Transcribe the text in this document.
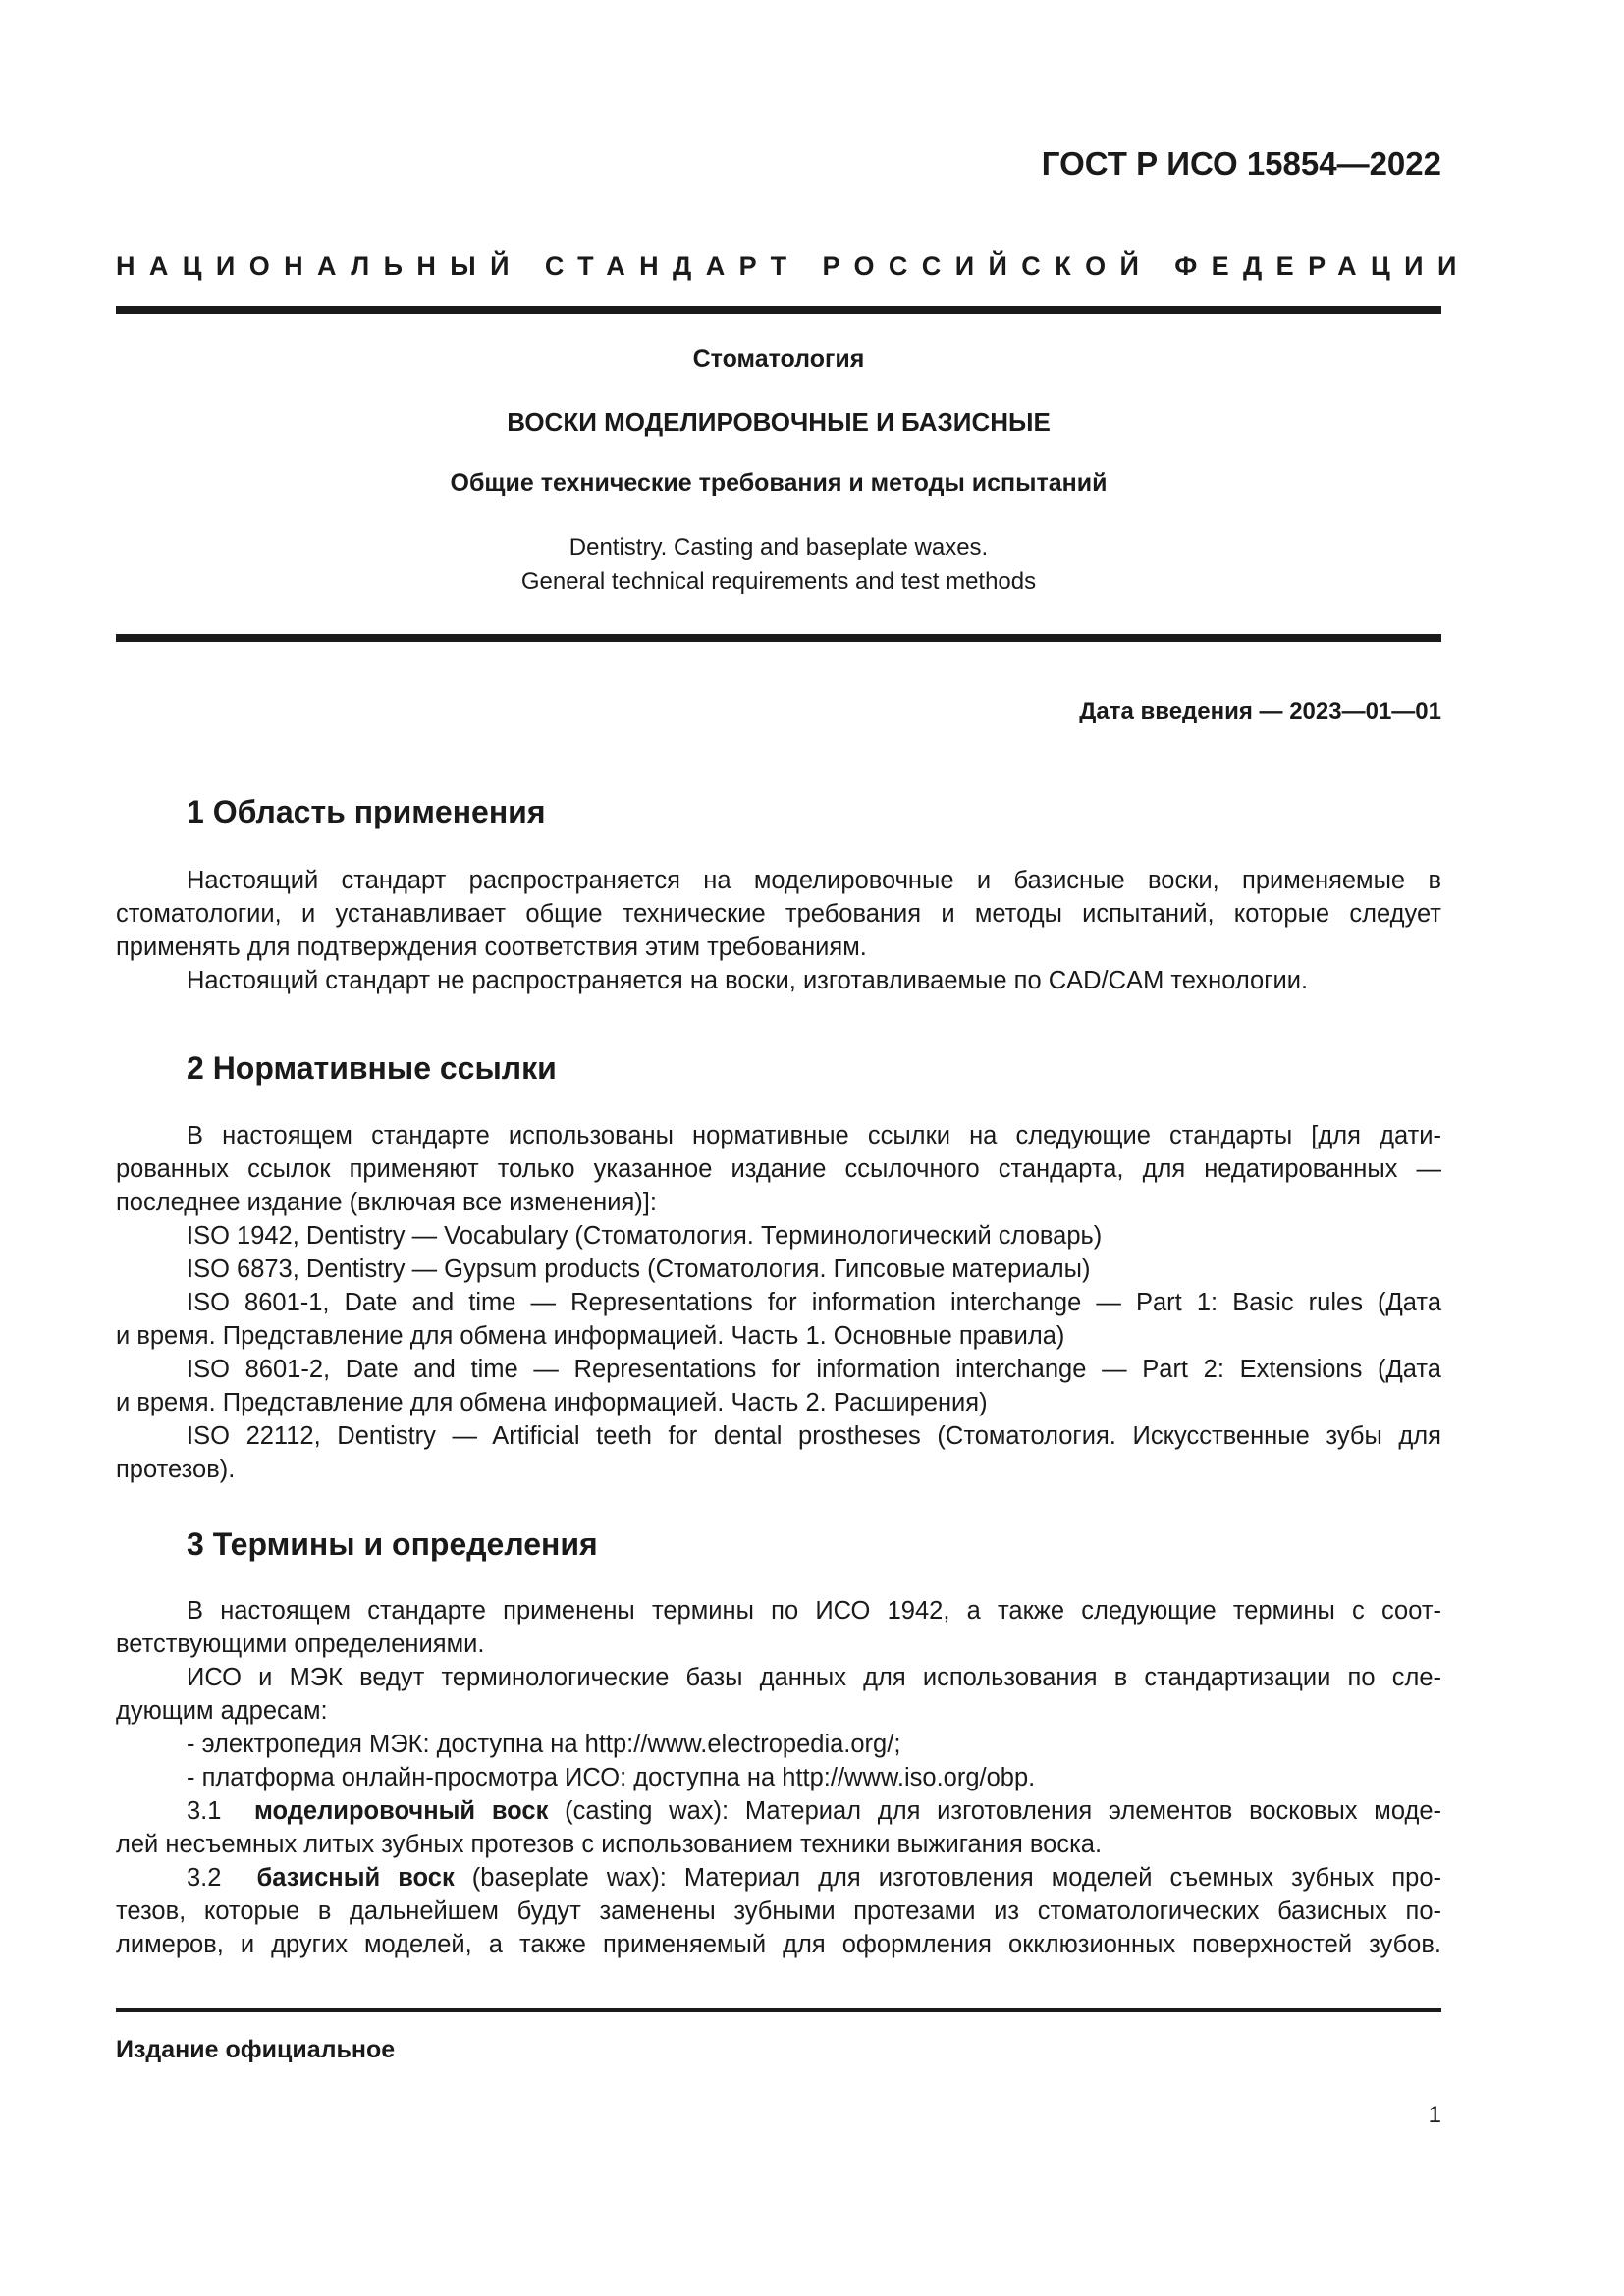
ГОСТ Р ИСО 15854—2022
НАЦИОНАЛЬНЫЙ СТАНДАРТ РОССИЙСКОЙ ФЕДЕРАЦИИ
Стоматология
ВОСКИ МОДЕЛИРОВОЧНЫЕ И БАЗИСНЫЕ
Общие технические требования и методы испытаний
Dentistry. Casting and baseplate waxes.
General technical requirements and test methods
Дата введения — 2023—01—01
1 Область применения
Настоящий стандарт распространяется на моделировочные и базисные воски, применяемые в
стоматологии, и устанавливает общие технические требования и методы испытаний, которые следует
применять для подтверждения соответствия этим требованиям.
Настоящий стандарт не распространяется на воски, изготавливаемые по CAD/CAM технологии.
2 Нормативные ссылки
В настоящем стандарте использованы нормативные ссылки на следующие стандарты [для дати-
рованных ссылок применяют только указанное издание ссылочного стандарта, для недатированных —
последнее издание (включая все изменения)]:
ISO 1942, Dentistry — Vocabulary (Стоматология. Терминологический словарь)
ISO 6873, Dentistry — Gypsum products (Стоматология. Гипсовые материалы)
ISO 8601-1, Date and time — Representations for information interchange — Part 1: Basic rules (Дата
и время. Представление для обмена информацией. Часть 1. Основные правила)
ISO 8601-2, Date and time — Representations for information interchange — Part 2: Extensions (Дата
и время. Представление для обмена информацией. Часть 2. Расширения)
ISO 22112, Dentistry — Artificial teeth for dental prostheses (Стоматология. Искусственные зубы для
протезов).
3 Термины и определения
В настоящем стандарте применены термины по ИСО 1942, а также следующие термины с соот-
ветствующими определениями.
ИСО и МЭК ведут терминологические базы данных для использования в стандартизации по сле-
дующим адресам:
- электропедия МЭК: доступна на http://www.electropedia.org/;
- платформа онлайн-просмотра ИСО: доступна на http://www.iso.org/obp.
3.1 моделировочный воск (casting wax): Материал для изготовления элементов восковых моде-
лей несъемных литых зубных протезов с использованием техники выжигания воска.
3.2 базисный воск (baseplate wax): Материал для изготовления моделей съемных зубных про-
тезов, которые в дальнейшем будут заменены зубными протезами из стоматологических базисных по-
лимеров, и других моделей, а также применяемый для оформления окклюзионных поверхностей зубов.
Издание официальное
1
